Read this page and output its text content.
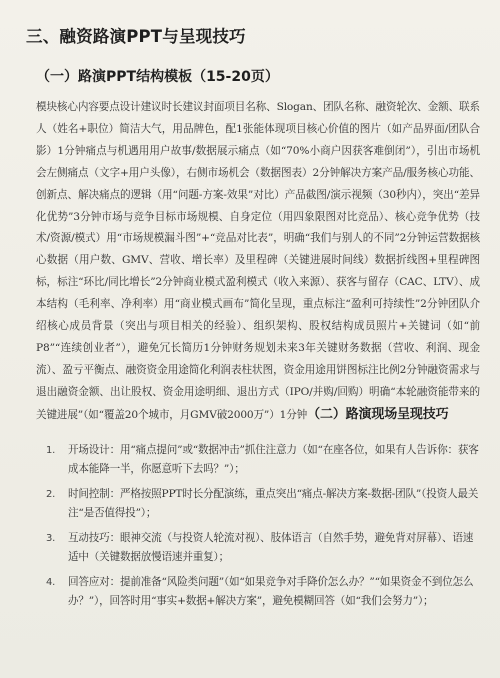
三、融资路演PPT与呈现技巧
（一）路演PPT结构模板（15-20页）
模块核心内容要点设计建议时长建议封面项目名称、Slogan、团队名称、融资轮次、金额、联系人（姓名+职位）简洁大气，用品牌色，配1张能体现项目核心价值的图片（如产品界面/团队合影）1分钟痛点与机遇用用户故事/数据展示痛点（如“70%小商户因获客难倒闭”），引出市场机会左侧痛点（文字+用户头像），右侧市场机会（数据图表）2分钟解决方案产品/服务核心功能、创新点、解决痛点的逻辑（用“问题-方案-效果”对比）产品截图/演示视频（30秒内），突出“差异化优势”3分钟市场与竞争目标市场规模、自身定位（用四象限图对比竞品）、核心竞争优势（技术/资源/模式）用“市场规模漏斗图”+“竞品对比表”，明确“我们与别人的不同”2分钟运营数据核心数据（用户数、GMV、营收、增长率）及里程碑（关键进展时间线）数据折线图+里程碑图标，标注“环比/同比增长”2分钟商业模式盈利模式（收入来源）、获客与留存（CAC、LTV）、成本结构（毛利率、净利率）用“商业模式画布”简化呈现，重点标注“盈利可持续性”2分钟团队介绍核心成员背景（突出与项目相关的经验）、组织架构、股权结构成员照片+关键词（如“前P8”“连续创业者”），避免冗长简历1分钟财务规划未来3年关键财务数据（营收、利润、现金流）、盈亏平衡点、融资资金用途简化利润表柱状图，资金用途用饼图标注比例2分钟融资需求与退出融资金额、出让股权、资金用途明细、退出方式（IPO/并购/回购）明确“本轮融资能带来的关键进展”（如“覆盖20个城市，月GMV破2000万”）1分钟（二）路演现场呈现技巧
1. 开场设计：用“痛点提问”或“数据冲击”抓住注意力（如“在座各位，如果有人告诉你：获客成本能降一半，你愿意听下去吗？”）；
2. 时间控制：严格按照PPT时长分配演练，重点突出“痛点-解决方案-数据-团队”（投资人最关注“是否值得投”）；
3. 互动技巧：眼神交流（与投资人轮流对视）、肢体语言（自然手势，避免背对屏幕）、语速适中（关键数据放慢语速并重复）；
4. 回答应对：提前准备“风险类问题”（如“如果竞争对手降价怎么办？”“如果资金不到位怎么办？”），回答时用“事实+数据+解决方案”，避免模糊回答（如“我们会努力”）；
